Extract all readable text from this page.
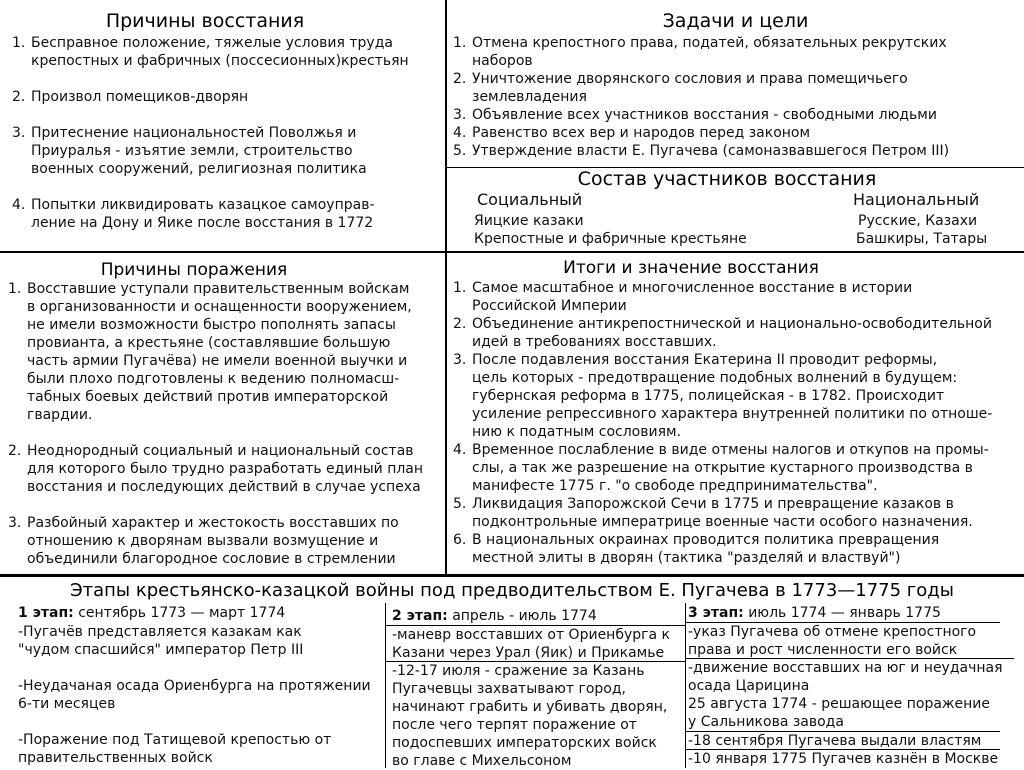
Причины восстания
1. Бесправное положение, тяжелые условия труда
крепостных и фабричных (поссесионных)крестьян
2. Произвол помещиков-дворян
3. Притеснение национальностей Поволжья и
Приуралья - изъятие земли, строительство
военных сооружений, религиозная политика
4. Попытки ликвидировать казацкое самоуправ-
ление на Дону и Яике после восстания в 1772
Задачи и цели
1. Отмена крепостного права, податей, обязательных рекрутских
наборов
2. Уничтожение дворянского сословия и права помещичьего
землевладения
3. Объявление всех участников восстания - свободными людьми
4. Равенство всех вер и народов перед законом
5. Утверждение власти Е. Пугачева (самоназвавшегося Петром III)
Состав участников восстания
Социальный	Национальный
Яицкие казаки
Крепостные и фабричные крестьяне
Русские, Казахи
Башкиры, Татары
Причины поражения
1. Восставшие уступали правительственным войскам
в организованности и оснащенности вооружением,
не имели возможности быстро пополнять запасы
провианта, а крестьяне (составлявшие большую
часть армии Пугачёва) не имели военной выучки и
были плохо подготовлены к ведению полномасш-
табных боевых действий против императорской
гвардии.
2. Неоднородный социальный и национальный состав
для которого было трудно разработать единый план
восстания и последующих действий в случае успеха
3. Разбойный характер и жестокость восставших по
отношению к дворянам вызвали возмущение и
объединили благородное сословие в стремлении
Итоги и значение восстания
1. Самое масштабное и многочисленное восстание в истории
Российской Империи
2. Объединение антикрепостнической и национально-освободительной
идей в требованиях восставших.
3. После подавления восстания Екатерина II проводит реформы,
цель которых - предотвращение подобных волнений в будущем:
губернская реформа в 1775, полицейская - в 1782. Происходит
усиление репрессивного характера внутренней политики по отноше-
нию к податным сословиям.
4. Временное послабление в виде отмены налогов и откупов на промы-
слы, а так же разрешение на открытие кустарного производства в
манифесте 1775 г. "о свободе предпринимательства".
5. Ликвидация Запорожской Сечи в 1775 и превращение казаков в
подконтрольные императрице военные части особого назначения.
6. В национальных окраинах проводится политика превращения
местной элиты в дворян (тактика "разделяй и властвуй")
Этапы крестьянско-казацкой войны под предводительством Е. Пугачева в 1773—1775 годы
1 этап: сентябрь 1773 — март 1774
-Пугачёв представляется казакам как
"чудом спасшийся" император Петр III
-Неудачаная осада Ориенбурга на протяжении
6-ти месяцев
-Поражение под Татищевой крепостью от
правительственных войск
2 этап: апрель - июль 1774
-маневр восставших от Ориенбурга к
Казани через Урал (Яик) и Прикамье
-12-17 июля - сражение за Казань
Пугачевцы захватывают город,
начинают грабить и убивать дворян,
после чего терпят поражение от
подоспевших императорских войск
во главе с Михельсоном
3 этап: июль 1774 — январь 1775
-указ Пугачева об отмене крепостного
права и рост численности его войск
-движение восставших на юг и неудачная
осада Царицина
25 августа 1774 - решающее поражение
у Сальникова завода
-18 сентября Пугачева выдали властям
-10 января 1775 Пугачев казнён в Москве
